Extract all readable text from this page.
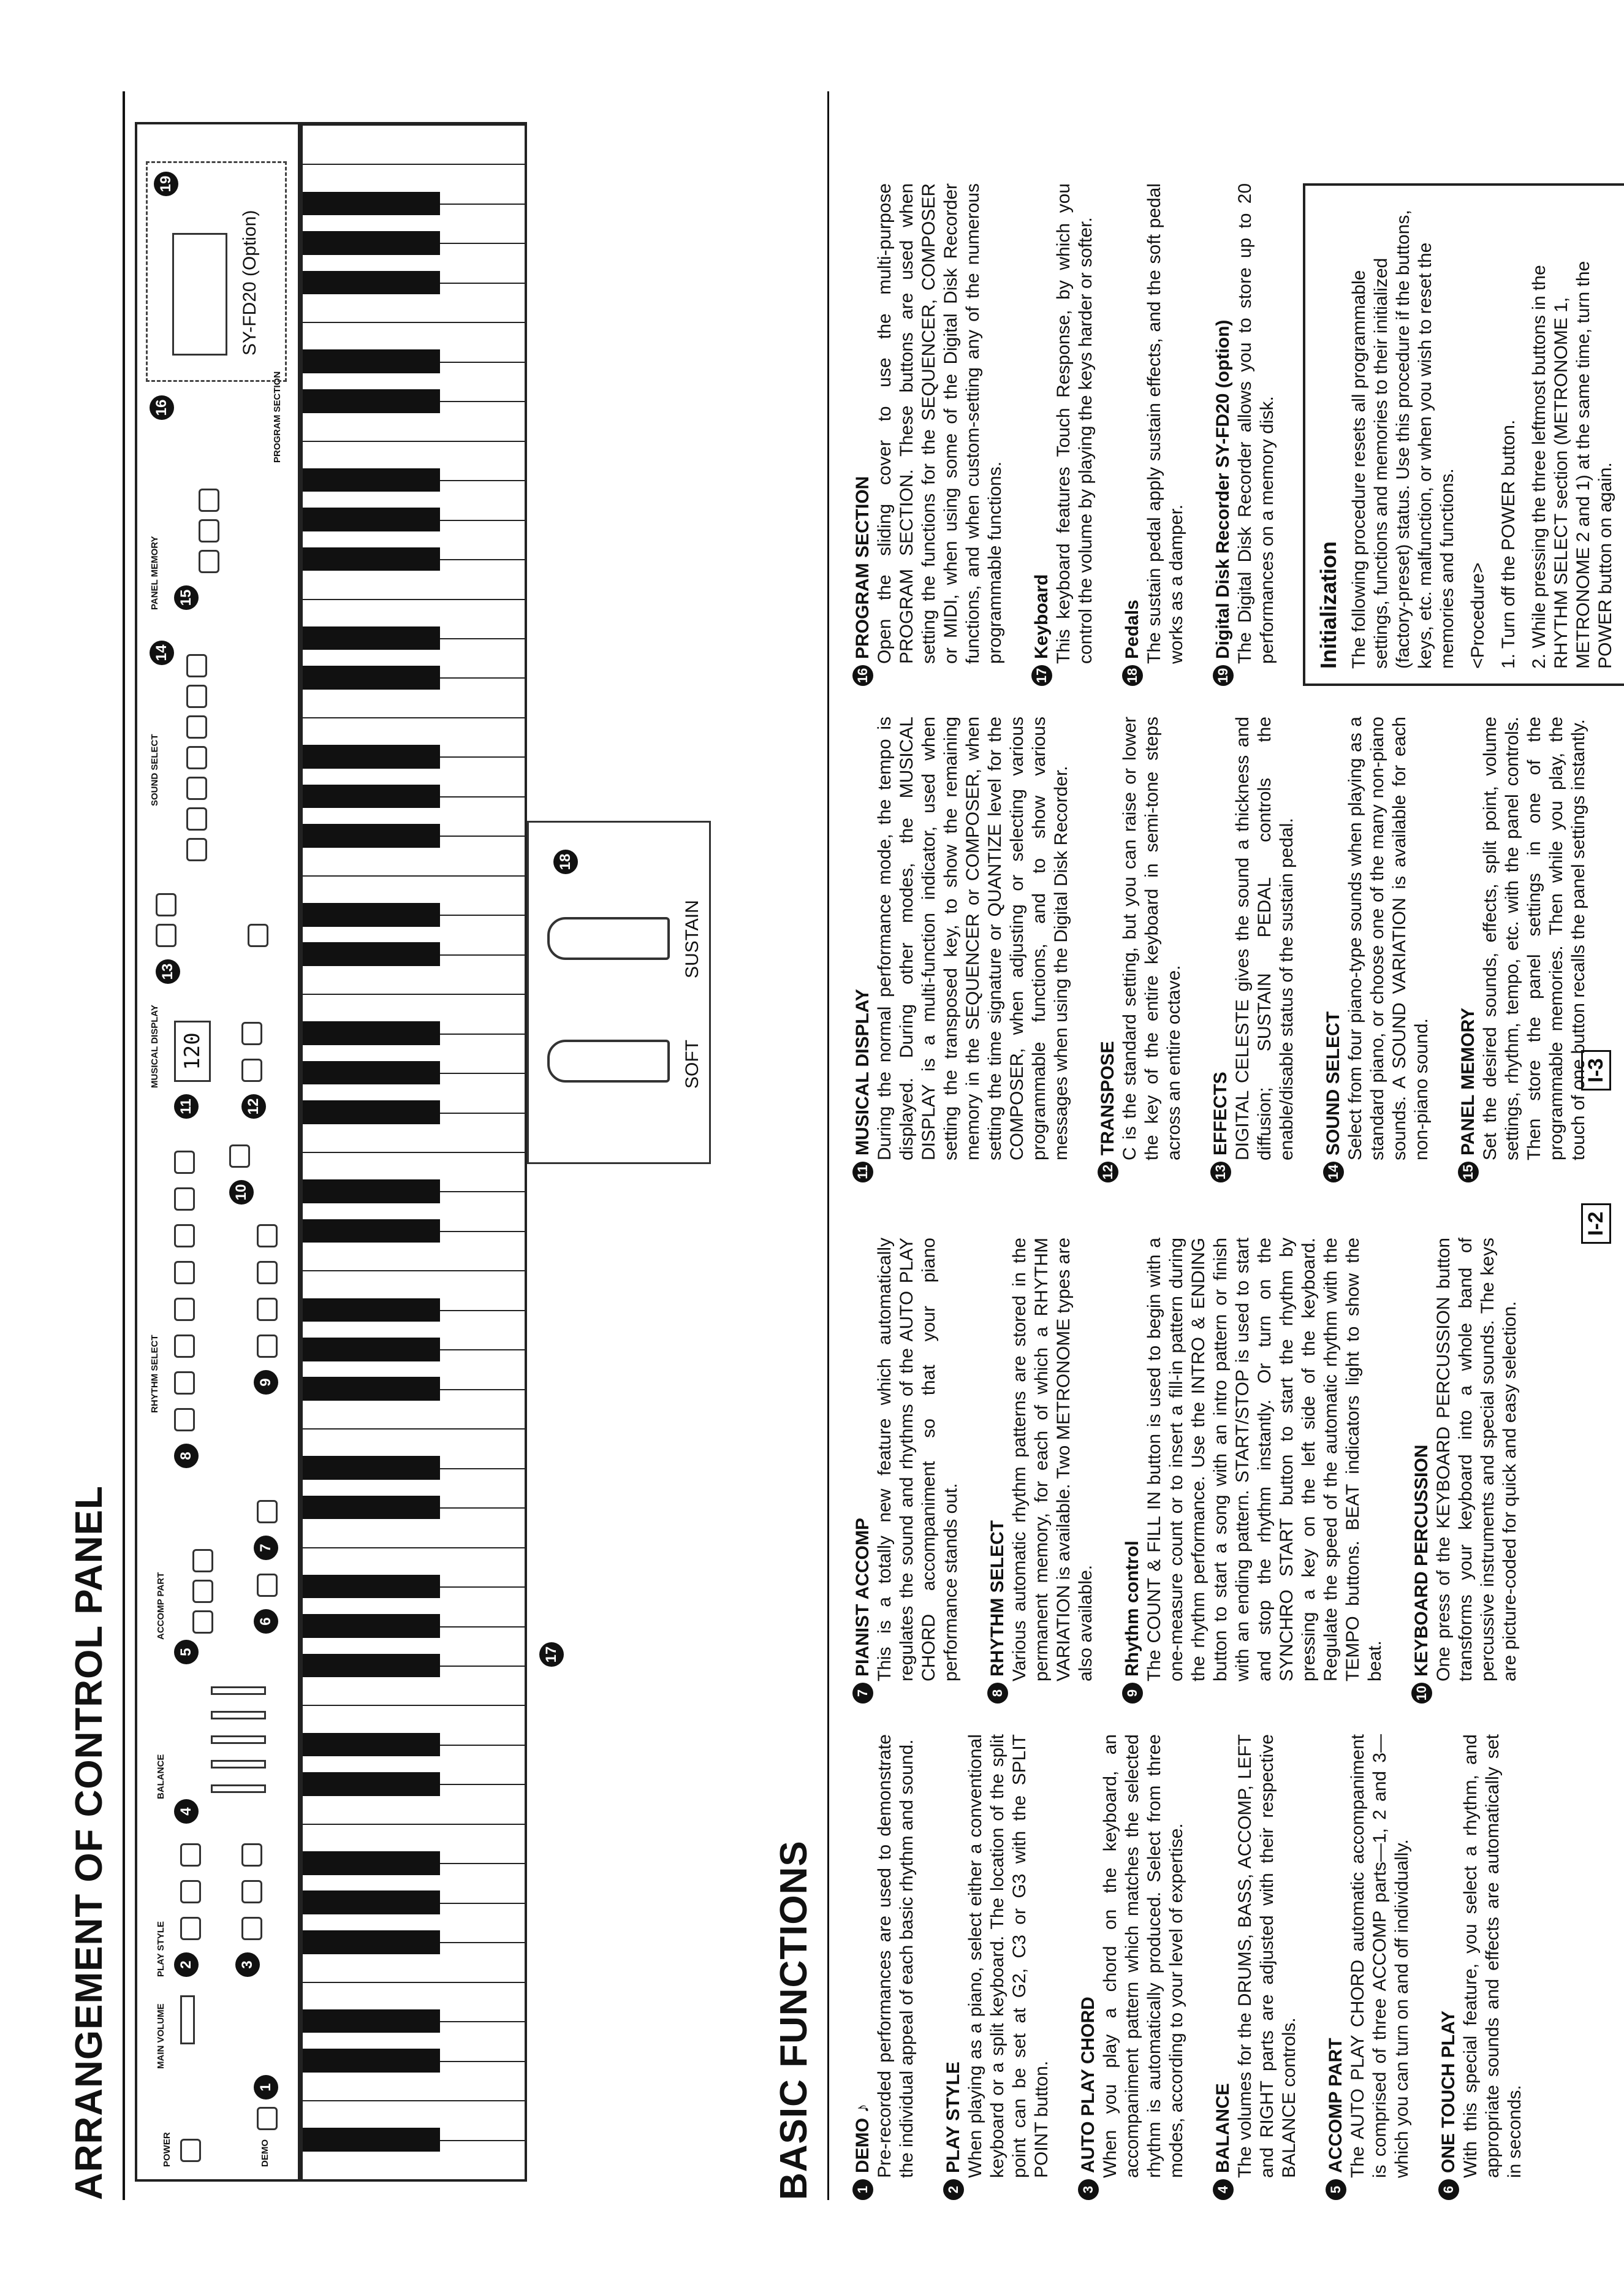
ARRANGEMENT OF CONTROL PANEL	POWER	DEMO
1
MAIN VOLUME
PLAY STYLE 2	3
BALANCE
4
ACCOMP PART
5
6
7
RHYTHM SELECT
8
9
10
MUSICAL DISPLAY
11
120
12
13
SOUND SELECT
14
PANEL MEMORY 15
PROGRAM SECTION
16
19
SY-FD20 (Option)
17
SOFT
SUSTAIN
18
BASIC FUNCTIONS	1
DEMO ♪ Pre-recorded performances are used to demonstrate the individual appeal of each basic rhythm and sound.
2
PLAY STYLE When playing as a piano, select either a conventional keyboard or a split keyboard. The location of the split point can be set at G2, C3 or G3 with the SPLIT POINT button.
3
AUTO PLAY CHORD When you play a chord on the keyboard, an accompaniment pattern which matches the selected rhythm is automatically produced. Select from three modes, according to your level of expertise.
4
BALANCE The volumes for the DRUMS, BASS, ACCOMP, LEFT and RIGHT parts are adjusted with their respective BALANCE controls.
5
ACCOMP PART The AUTO PLAY CHORD automatic accompaniment is comprised of three ACCOMP parts—1, 2 and 3—which you can turn on and off individually.
6
ONE TOUCH PLAY With this special feature, you select a rhythm, and appropriate sounds and effects are automatically set in seconds.
7
PIANIST ACCOMP This is a totally new feature which automatically regulates the sound and rhythms of the AUTO PLAY CHORD accompaniment so that your piano performance stands out.
8
RHYTHM SELECT Various automatic rhythm patterns are stored in the permanent memory, for each of which a RHYTHM VARIATION is available. Two METRONOME types are also available.
9
Rhythm control The COUNT & FILL IN button is used to begin with a one-measure count or to insert a fill-in pattern during the rhythm performance. Use the INTRO & ENDING button to start a song with an intro pattern or finish with an ending pattern. START/STOP is used to start and stop the rhythm instantly. Or turn on the SYNCHRO START button to start the rhythm by pressing a key on the left side of the keyboard. Regulate the speed of the automatic rhythm with the TEMPO buttons. BEAT indicators light to show the beat.
10
KEYBOARD PERCUSSION One press of the KEYBOARD PERCUSSION button transforms your keyboard into a whole band of percussive instruments and special sounds. The keys are picture-coded for quick and easy selection.
11
MUSICAL DISPLAY During the normal performance mode, the tempo is displayed. During other modes, the MUSICAL DISPLAY is a multi-function indicator, used when setting the transposed key, to show the remaining memory in the SEQUENCER or COMPOSER, when setting the time signature or QUANTIZE level for the COMPOSER, when adjusting or selecting various programmable functions, and to show various messages when using the Digital Disk Recorder.
12
TRANSPOSE C is the standard setting, but you can raise or lower the key of the entire keyboard in semi-tone steps across an entire octave.
13
EFFECTS DIGITAL CELESTE gives the sound a thickness and diffusion; SUSTAIN PEDAL controls the enable/disable status of the sustain pedal.
14
SOUND SELECT Select from four piano-type sounds when playing as a standard piano, or choose one of the many non-piano sounds. A SOUND VARIATION is available for each non-piano sound.
15
PANEL MEMORY Set the desired sounds, effects, split point, volume settings, rhythm, tempo, etc. with the panel controls. Then store the panel settings in one of the programmable memories. Then while you play, the touch of one button recalls the panel settings instantly.
16
PROGRAM SECTION Open the sliding cover to use the multi-purpose PROGRAM SECTION. These buttons are used when setting the functions for the SEQUENCER, COMPOSER or MIDI, when using some of the Digital Disk Recorder functions, and when custom-setting any of the numerous programmable functions.
17
Keyboard This keyboard features Touch Response, by which you control the volume by playing the keys harder or softer.
18
Pedals The sustain pedal apply sustain effects, and the soft pedal works as a damper.
19
Digital Disk Recorder SY-FD20 (option) The Digital Disk Recorder allows you to store up to 20 performances on a memory disk. Initialization The following procedure resets all programmable settings, functions and memories to their initialized (factory-preset) status. Use this procedure if the buttons, keys, etc. malfunction, or when you wish to reset the memories and functions. <Procedure> 1. Turn off the POWER button. 2. While pressing the three leftmost buttons in the RHYTHM SELECT section (METRONOME 1, METRONOME 2 and 1) at the same time, turn the POWER button on again.
I-2
I-3
